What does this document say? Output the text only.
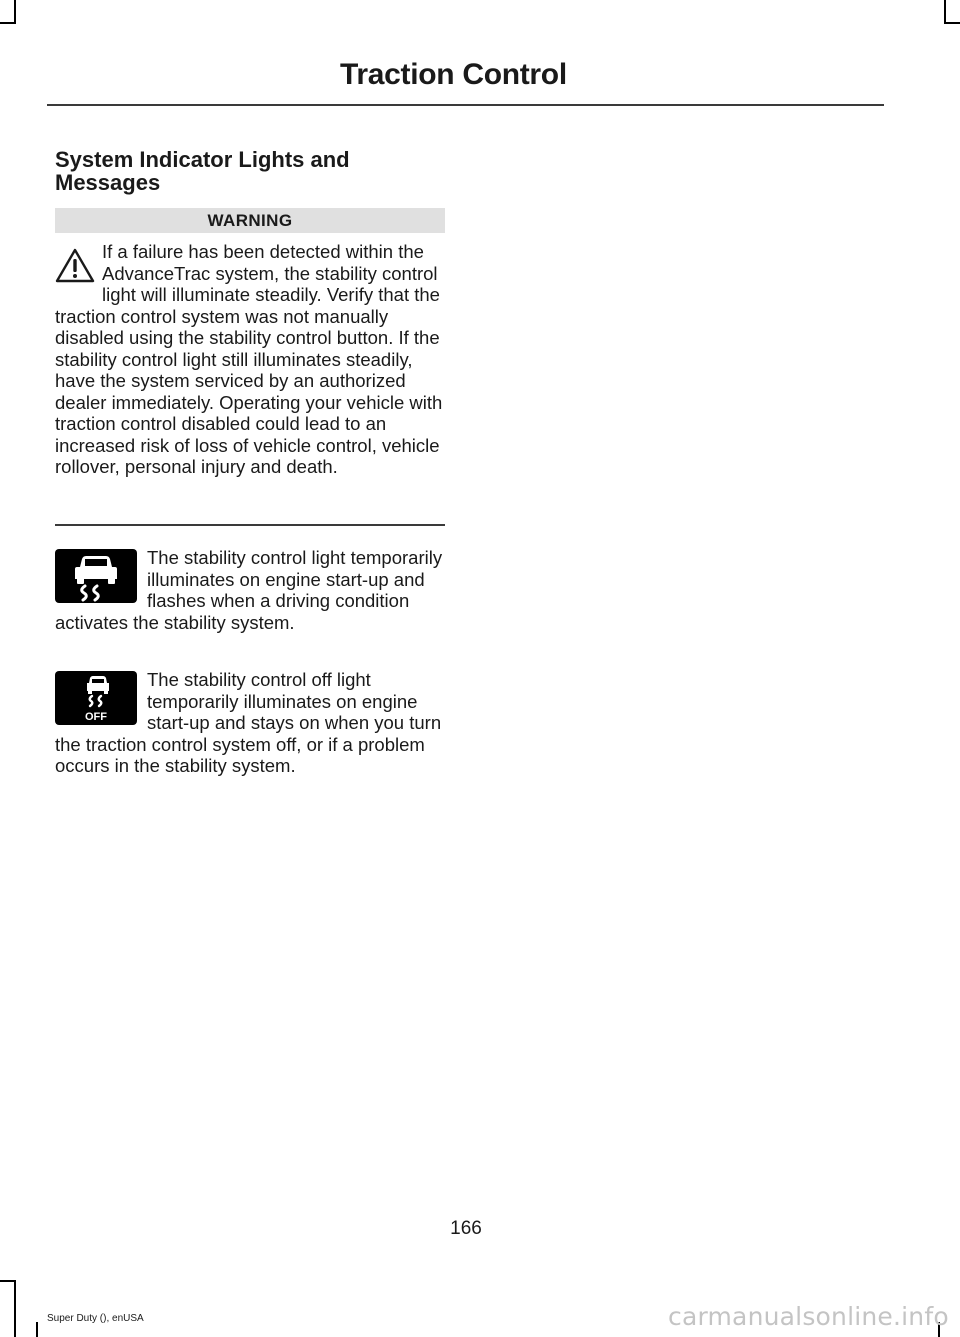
Traction Control
System Indicator Lights and Messages
WARNING
If a failure has been detected within the AdvanceTrac system, the stability control light will illuminate steadily. Verify that the traction control system was not manually disabled using the stability control button. If the stability control light still illuminates steadily, have the system serviced by an authorized dealer immediately. Operating your vehicle with traction control disabled could lead to an increased risk of loss of vehicle control, vehicle rollover, personal injury and death.
The stability control light temporarily illuminates on engine start-up and flashes when a driving condition activates the stability system.
OFF
The stability control off light temporarily illuminates on engine start-up and stays on when you turn the traction control system off, or if a problem occurs in the stability system.
166
Super Duty (), enUSA	carmanualsonline.info
